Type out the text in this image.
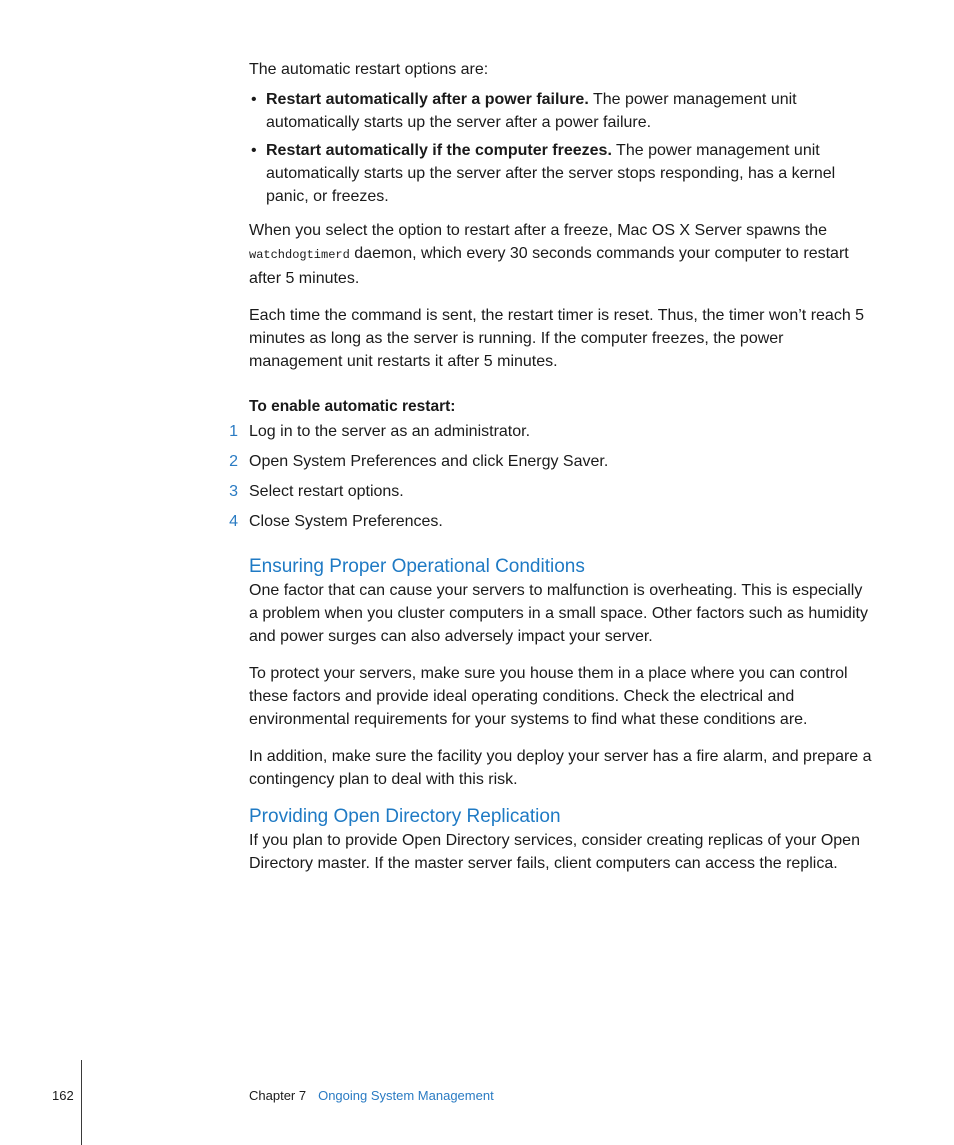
The automatic restart options are:

• Restart automatically after a power failure. The power management unit automatically starts up the server after a power failure.
• Restart automatically if the computer freezes. The power management unit automatically starts up the server after the server stops responding, has a kernel panic, or freezes.

When you select the option to restart after a freeze, Mac OS X Server spawns the watchdogtimerd daemon, which every 30 seconds commands your computer to restart after 5 minutes.

Each time the command is sent, the restart timer is reset. Thus, the timer won’t reach 5 minutes as long as the server is running. If the computer freezes, the power management unit restarts it after 5 minutes.

To enable automatic restart:

1 Log in to the server as an administrator.
2 Open System Preferences and click Energy Saver.
3 Select restart options.
4 Close System Preferences.
Ensuring Proper Operational Conditions

One factor that can cause your servers to malfunction is overheating. This is especially a problem when you cluster computers in a small space. Other factors such as humidity and power surges can also adversely impact your server.

To protect your servers, make sure you house them in a place where you can control these factors and provide ideal operating conditions. Check the electrical and environmental requirements for your systems to find what these conditions are.

In addition, make sure the facility you deploy your server has a fire alarm, and prepare a contingency plan to deal with this risk.

Providing Open Directory Replication

If you plan to provide Open Directory services, consider creating replicas of your Open Directory master. If the master server fails, client computers can access the replica.

162	Chapter 7 Ongoing System Management
